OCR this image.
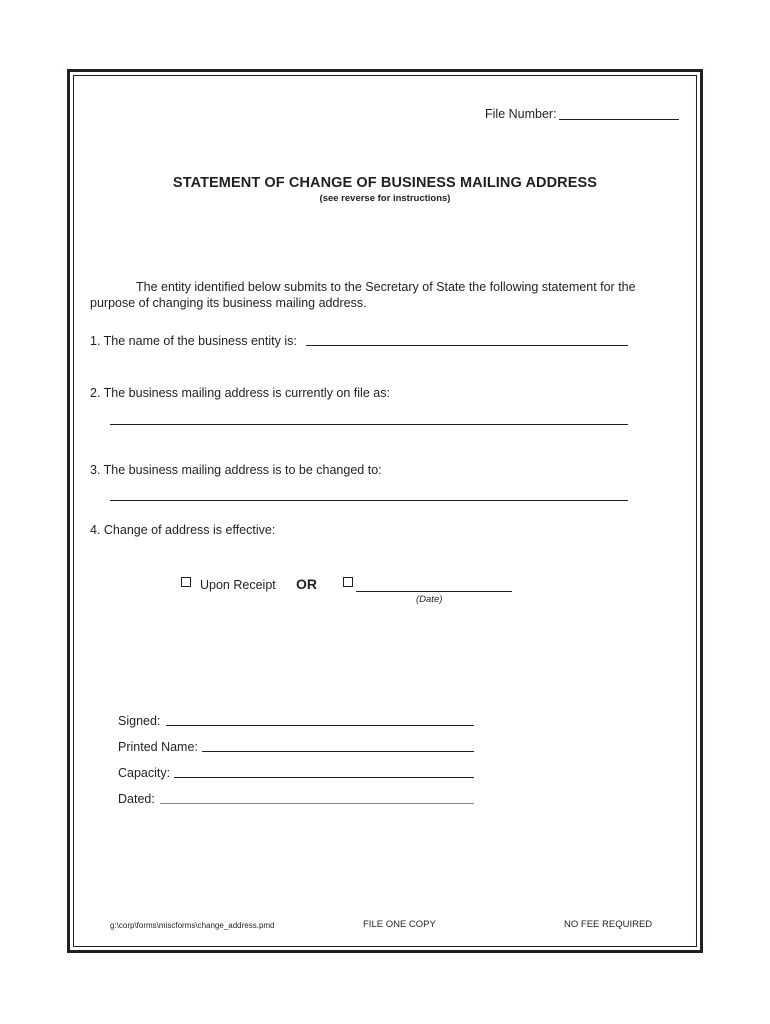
File Number:
STATEMENT OF CHANGE OF BUSINESS MAILING ADDRESS
(see reverse for instructions)
The entity identified below submits to the Secretary of State the following statement for the
purpose of changing its business mailing address.
1. The name of the business entity is:
2. The business mailing address is currently on file as:
3. The business mailing address is to be changed to:
4. Change of address is effective:
Upon Receipt OR
(Date)
Signed:
Printed Name:
Capacity:
Dated:
g:\corp\forms\miscforms\change_address.pmd	FILE ONE COPY	NO FEE REQUIRED
